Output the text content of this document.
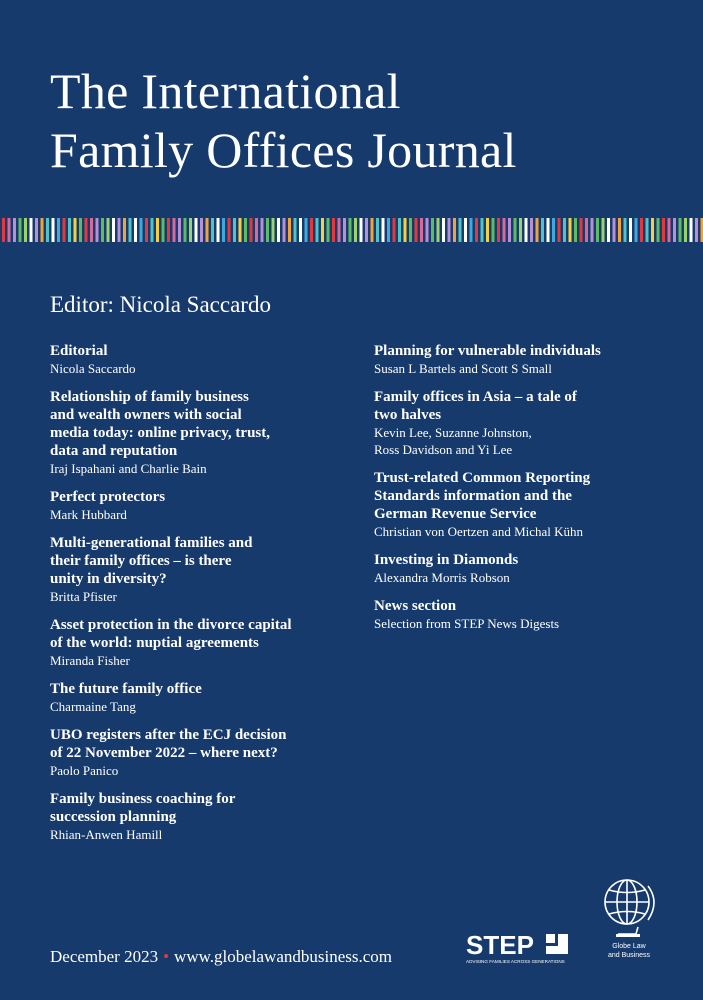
The International
Family Offices Journal
Editor: Nicola Saccardo
Editorial
Nicola Saccardo
Relationship of family business
and wealth owners with social
media today: online privacy, trust,
data and reputation
Iraj Ispahani and Charlie Bain
Perfect protectors
Mark Hubbard
Multi-generational families and
their family offices – is there
unity in diversity?
Britta Pfister
Asset protection in the divorce capital
of the world: nuptial agreements
Miranda Fisher
The future family office
Charmaine Tang
UBO registers after the ECJ decision
of 22 November 2022 – where next?
Paolo Panico
Family business coaching for
succession planning
Rhian-Anwen Hamill
Planning for vulnerable individuals
Susan L Bartels and Scott S Small
Family offices in Asia – a tale of
two halves
Kevin Lee, Suzanne Johnston,
Ross Davidson and Yi Lee
Trust-related Common Reporting
Standards information and the
German Revenue Service
Christian von Oertzen and Michal Kühn
Investing in Diamonds
Alexandra Morris Robson
News section
Selection from STEP News Digests
December 2023 • www.globelawandbusiness.com	STEP
ADVISING FAMILIES ACROSS GENERATIONS
Globe Law
and Business
